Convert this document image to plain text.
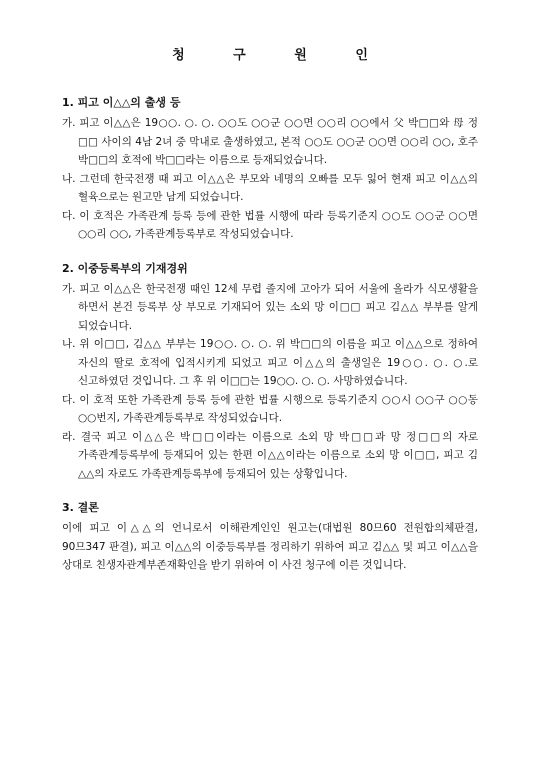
청 구 원 인
1. 피고 이△△의 출생 등

가. 피고 이△△은 19○○. ○. ○. ○○도 ○○군 ○○면 ○○리 ○○에서 父 박□□와 母 정□□ 사이의 4남 2녀 중 막내로 출생하였고, 본적 ○○도 ○○군 ○○면 ○○리 ○○, 호주 박□□의 호적에 박□□라는 이름으로 등재되었습니다.

나. 그런데 한국전쟁 때 피고 이△△은 부모와 네명의 오빠를 모두 잃어 현재 피고 이△△의 혈육으로는 원고만 남게 되었습니다.

다. 이 호적은 가족관계 등록 등에 관한 법률 시행에 따라 등록기준지 ○○도 ○○군 ○○면 ○○리 ○○, 가족관계등록부로 작성되었습니다.

2. 이중등록부의 기재경위

가. 피고 이△△은 한국전쟁 때인 12세 무렵 졸지에 고아가 되어 서울에 올라가 식모생활을 하면서 본건 등록부 상 부모로 기재되어 있는 소외 망 이□□ 피고 김△△ 부부를 알게 되었습니다.

나. 위 이□□, 김△△ 부부는 19○○. ○. ○. 위 박□□의 이름을 피고 이△△으로 정하여 자신의 딸로 호적에 입적시키게 되었고 피고 이△△의 출생일은 19○○. ○. ○.로 신고하였던 것입니다. 그 후 위 이□□는 19○○. ○. ○. 사망하였습니다.

다. 이 호적 또한 가족관계 등록 등에 관한 법률 시행으로 등록기준지 ○○시 ○○구 ○○동 ○○번지, 가족관계등록부로 작성되었습니다.

라. 결국 피고 이△△은 박□□이라는 이름으로 소외 망 박□□과 망 정□□의 자로 가족관계등록부에 등재되어 있는 한편 이△△이라는 이름으로 소외 망 이□□, 피고 김△△의 자로도 가족관계등록부에 등재되어 있는 상황입니다.

3. 결론

이에 피고 이△△의 언니로서 이해관계인인 원고는(대법원 80므60 전원합의체판결, 90므347 판결), 피고 이△△의 이중등록부를 정리하기 위하여 피고 김△△ 및 피고 이△△을 상대로 친생자관계부존재확인을 받기 위하여 이 사건 청구에 이른 것입니다.
